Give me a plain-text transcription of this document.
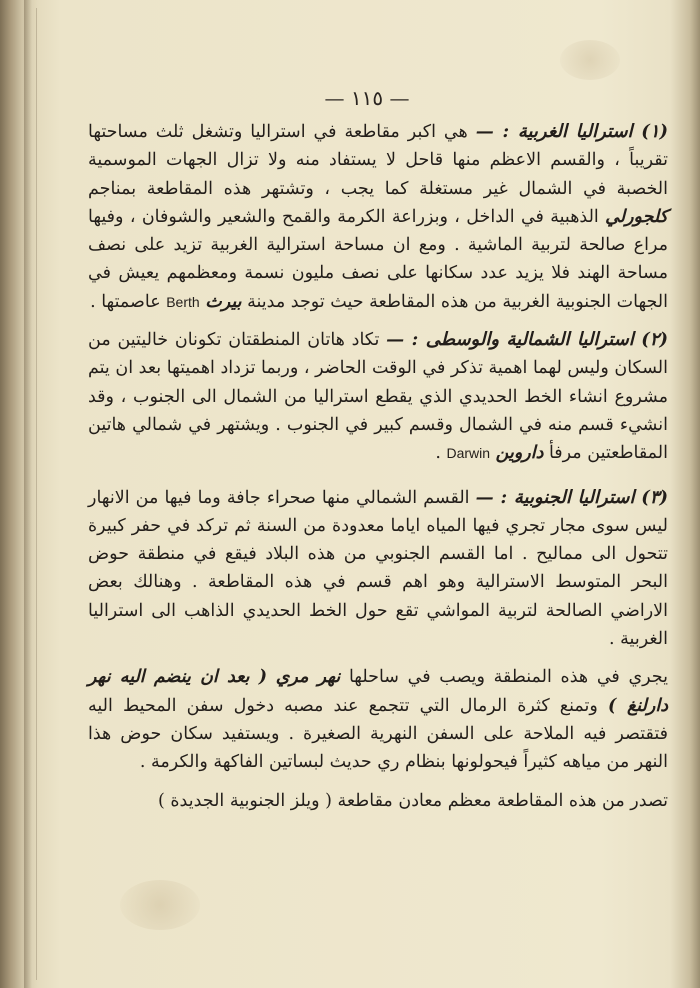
— ١١٥ —

(١) استراليا الغربية : — هي اكبر مقاطعة في استراليا وتشغل ثلث مساحتها تقريباً ، والقسم الاعظم منها قاحل لا يستفاد منه ولا تزال الجهات الموسمية الخصبة في الشمال غير مستغلة كما يجب ، وتشتهر هذه المقاطعة بمناجم كلجورلي الذهبية في الداخل ، وبزراعة الكرمة والقمح والشعير والشوفان ، وفيها مراع صالحة لتربية الماشية . ومع ان مساحة استرالية الغربية تزيد على نصف مساحة الهند فلا يزيد عدد سكانها على نصف مليون نسمة ومعظمهم يعيش في الجهات الجنوبية الغربية من هذه المقاطعة حيث توجد مدينة بيرث Berth عاصمتها .

(٢) استراليا الشمالية والوسطى : — تكاد هاتان المنطقتان تكونان خاليتين من السكان وليس لهما اهمية تذكر في الوقت الحاضر ، وربما تزداد اهميتها بعد ان يتم مشروع انشاء الخط الحديدي الذي يقطع استراليا من الشمال الى الجنوب ، وقد انشيء قسم منه في الشمال وقسم كبير في الجنوب . ويشتهر في شمالي هاتين المقاطعتين مرفأ داروين Darwin .

(٣) استراليا الجنوبية : — القسم الشمالي منها صحراء جافة وما فيها من الانهار ليس سوى مجار تجري فيها المياه اياما معدودة من السنة ثم تركد في حفر كبيرة تتحول الى مماليح . اما القسم الجنوبي من هذه البلاد فيقع في منطقة حوض البحر المتوسط الاسترالية وهو اهم قسم في هذه المقاطعة . وهنالك بعض الاراضي الصالحة لتربية المواشي تقع حول الخط الحديدي الذاهب الى استراليا الغربية .

يجري في هذه المنطقة ويصب في ساحلها نهر مري ( بعد ان ينضم اليه نهر دارلنغ ) وتمنع كثرة الرمال التي تتجمع عند مصبه دخول سفن المحيط اليه فتقتصر فيه الملاحة على السفن النهرية الصغيرة . ويستفيد سكان حوض هذا النهر من مياهه كثيراً فيحولونها بنظام ري حديث لبساتين الفاكهة والكرمة .

تصدر من هذه المقاطعة معظم معادن مقاطعة ( ويلز الجنوبية الجديدة )
